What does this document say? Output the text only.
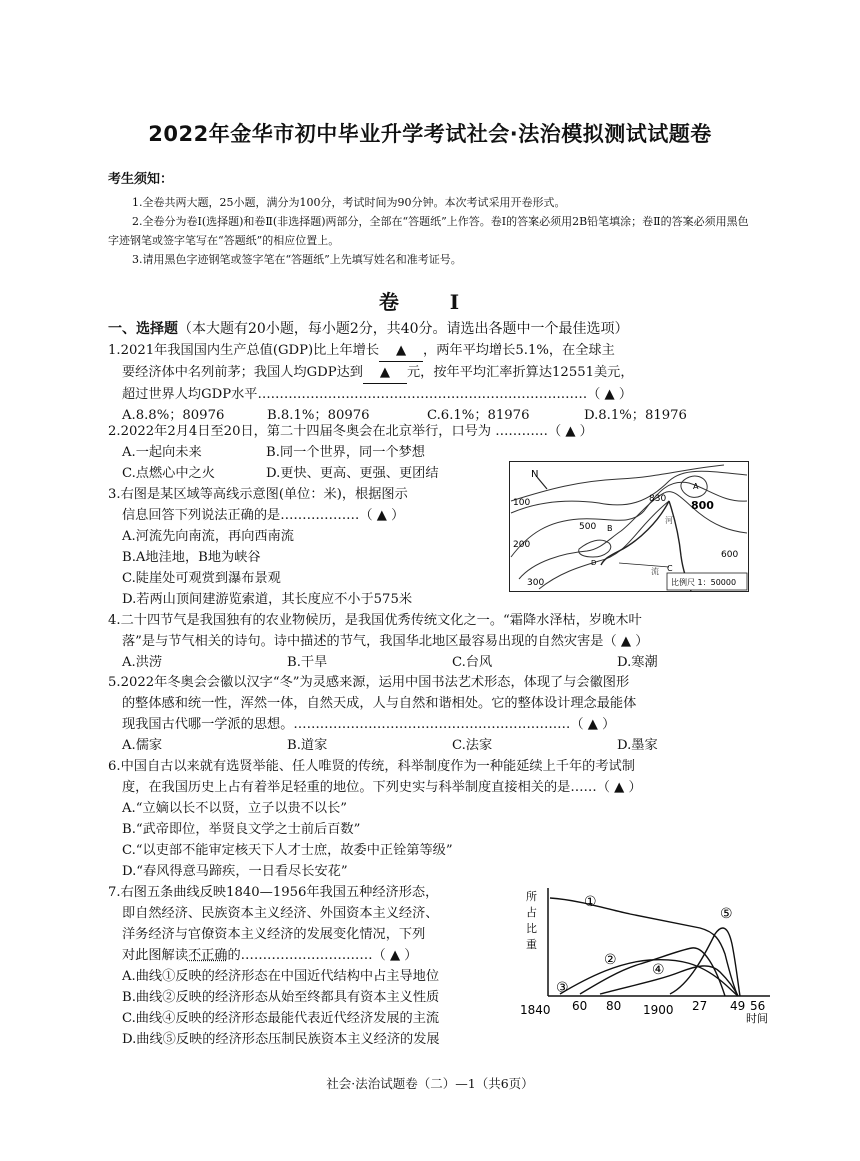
2022年金华市初中毕业升学考试社会·法治模拟测试试题卷
考生须知：

1.全卷共两大题，25小题，满分为100分，考试时间为90分钟。本次考试采用开卷形式。

2.全卷分为卷Ⅰ(选择题)和卷Ⅱ(非选择题)两部分，全部在“答题纸”上作答。卷Ⅰ的答案必须用2B铅笔填涂；卷Ⅱ的答案必须用黑色字迹钢笔或签字笔写在“答题纸”的相应位置上。

3.请用黑色字迹钢笔或签字笔在“答题纸”上先填写姓名和准考证号。

卷 Ⅰ
一、选择题（本大题有20小题，每小题2分，共40分。请选出各题中一个最佳选项）

1.2021年我国国内生产总值(GDP)比上年增长 ▲ ，两年平均增长5.1%，在全球主

要经济体中名列前茅；我国人均GDP达到 ▲ 元，按年平均汇率折算达12551美元，

超过世界人均GDP水平…………………………………………………………………（ ▲ ）

A.8.8%；80976	B.8.1%；80976	C.6.1%；81976	D.8.1%；81976

2.2022年2月4日至20日，第二十四届冬奥会在北京举行，口号为 …………（ ▲ ）

A.一起向未来	B.同一个世界，同一个梦想
C.点燃心中之火	D.更快、更高、更强、更团结

3.右图是某区域等高线示意图(单位：米)，根据图示

信息回答下列说法正确的是………………（ ▲ ）

A.河流先向南流，再向西南流

B.A地洼地，B地为峡谷

C.陡崖处可观赏到瀑布景观

D.若两山顶间建游览索道，其长度应不小于575米

N
100
200
300
500
830 800
600
A
B
C
D
河
流
比例尺 1：50000

4.二十四节气是我国独有的农业物候历，是我国优秀传统文化之一。“霜降水泽枯，岁晚木叶

落”是与节气相关的诗句。诗中描述的节气，我国华北地区最容易出现的自然灾害是（ ▲ ）

A.洪涝	B.干旱	C.台风	D.寒潮

5.2022年冬奥会会徽以汉字“冬”为灵感来源，运用中国书法艺术形态，体现了与会徽图形

的整体感和统一性，浑然一体，自然天成，人与自然和谐相处。它的整体设计理念最能体

现我国古代哪一学派的思想。………………………………………………………（ ▲ ）

A.儒家	B.道家	C.法家	D.墨家

6.中国自古以来就有选贤举能、任人唯贤的传统，科举制度作为一种能延续上千年的考试制

度，在我国历史上占有着举足轻重的地位。下列史实与科举制度直接相关的是……（ ▲ ）

A.“立嫡以长不以贤，立子以贵不以长”

B.“武帝即位，举贤良文学之士前后百数”

C.“以吏部不能审定核天下人才士庶，故委中正铨第等级”

D.“春风得意马蹄疾，一日看尽长安花”

7.右图五条曲线反映1840—1956年我国五种经济形态，

即自然经济、民族资本主义经济、外国资本主义经济、

洋务经济与官僚资本主义经济的发展变化情况，下列

对此图解读不正确的…………………………（ ▲ ）

A.曲线①反映的经济形态在中国近代结构中占主导地位

B.曲线②反映的经济形态从始至终都具有资本主义性质

C.曲线④反映的经济形态最能代表近代经济发展的主流

D.曲线⑤反映的经济形态压制民族资本主义经济的发展

所
占
比
重
①
②
③
④
⑤
1840 60 80 1900 27 49 56
时间
社会·法治试题卷（二）—1（共6页）
